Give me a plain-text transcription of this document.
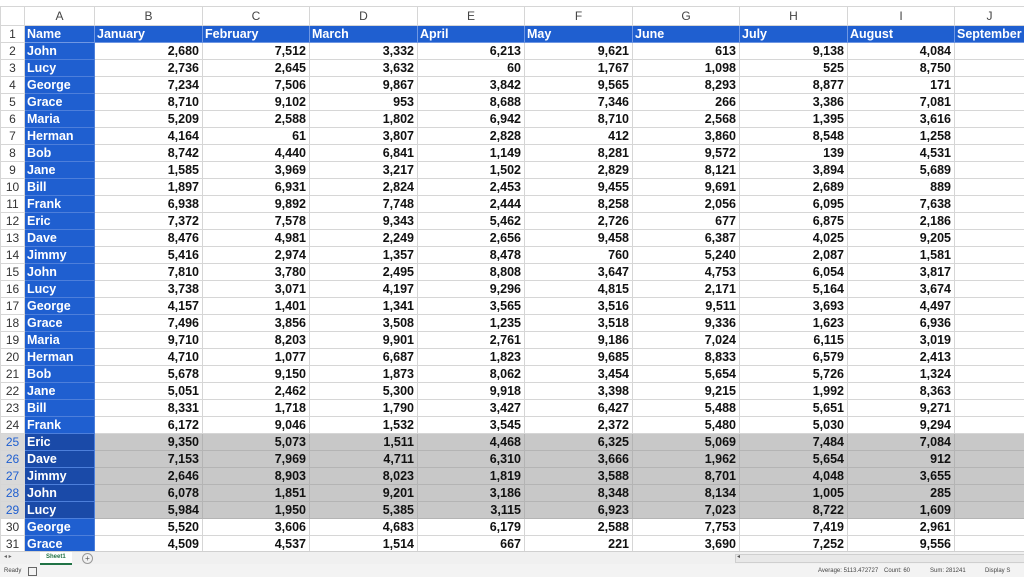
	A	B	C	D	E	F	G	H	I	J
1	Name	January	February	March	April	May	June	July	August	September
2	John	2,680	7,512	3,332	6,213	9,621	613	9,138	4,084	
3	Lucy	2,736	2,645	3,632	60	1,767	1,098	525	8,750	
4	George	7,234	7,506	9,867	3,842	9,565	8,293	8,877	171	
5	Grace	8,710	9,102	953	8,688	7,346	266	3,386	7,081	
6	Maria	5,209	2,588	1,802	6,942	8,710	2,568	1,395	3,616	
7	Herman	4,164	61	3,807	2,828	412	3,860	8,548	1,258	
8	Bob	8,742	4,440	6,841	1,149	8,281	9,572	139	4,531	
9	Jane	1,585	3,969	3,217	1,502	2,829	8,121	3,894	5,689	
10	Bill	1,897	6,931	2,824	2,453	9,455	9,691	2,689	889	
11	Frank	6,938	9,892	7,748	2,444	8,258	2,056	6,095	7,638	
12	Eric	7,372	7,578	9,343	5,462	2,726	677	6,875	2,186	
13	Dave	8,476	4,981	2,249	2,656	9,458	6,387	4,025	9,205	
14	Jimmy	5,416	2,974	1,357	8,478	760	5,240	2,087	1,581	
15	John	7,810	3,780	2,495	8,808	3,647	4,753	6,054	3,817	
16	Lucy	3,738	3,071	4,197	9,296	4,815	2,171	5,164	3,674	
17	George	4,157	1,401	1,341	3,565	3,516	9,511	3,693	4,497	
18	Grace	7,496	3,856	3,508	1,235	3,518	9,336	1,623	6,936	
19	Maria	9,710	8,203	9,901	2,761	9,186	7,024	6,115	3,019	
20	Herman	4,710	1,077	6,687	1,823	9,685	8,833	6,579	2,413	
21	Bob	5,678	9,150	1,873	8,062	3,454	5,654	5,726	1,324	
22	Jane	5,051	2,462	5,300	9,918	3,398	9,215	1,992	8,363	
23	Bill	8,331	1,718	1,790	3,427	6,427	5,488	5,651	9,271	
24	Frank	6,172	9,046	1,532	3,545	2,372	5,480	5,030	9,294	
25	Eric	9,350	5,073	1,511	4,468	6,325	5,069	7,484	7,084	
26	Dave	7,153	7,969	4,711	6,310	3,666	1,962	5,654	912	
27	Jimmy	2,646	8,903	8,023	1,819	3,588	8,701	4,048	3,655	
28	John	6,078	1,851	9,201	3,186	8,348	8,134	1,005	285	
29	Lucy	5,984	1,950	5,385	3,115	6,923	7,023	8,722	1,609	
30	George	5,520	3,606	4,683	6,179	2,588	7,753	7,419	2,961	
31	Grace	4,509	4,537	1,514	667	221	3,690	7,252	9,556	
◂ ▸	Sheet1	+	◂
Ready	Average: 5113.472727 Count: 60	Sum: 281241	Display S
